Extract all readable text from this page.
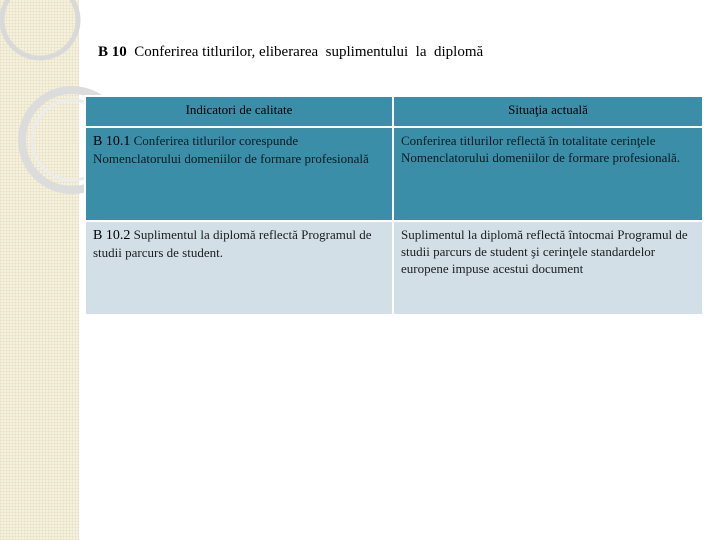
B 10 Conferirea titlurilor, eliberarea  suplimentului  la  diplomă
Indicatori de calitate	Situaţia actuală
B 10.1 Conferirea titlurilor corespunde Nomenclatorului domeniilor de formare profesională	Conferirea titlurilor reflectă în totalitate cerinţele Nomenclatorului domeniilor de formare profesională.
B 10.2 Suplimentul la diplomă reflectă Programul de studii parcurs de student.	Suplimentul la diplomă reflectă întocmai Programul de studii parcurs de student şi cerinţele standardelor europene impuse acestui document
